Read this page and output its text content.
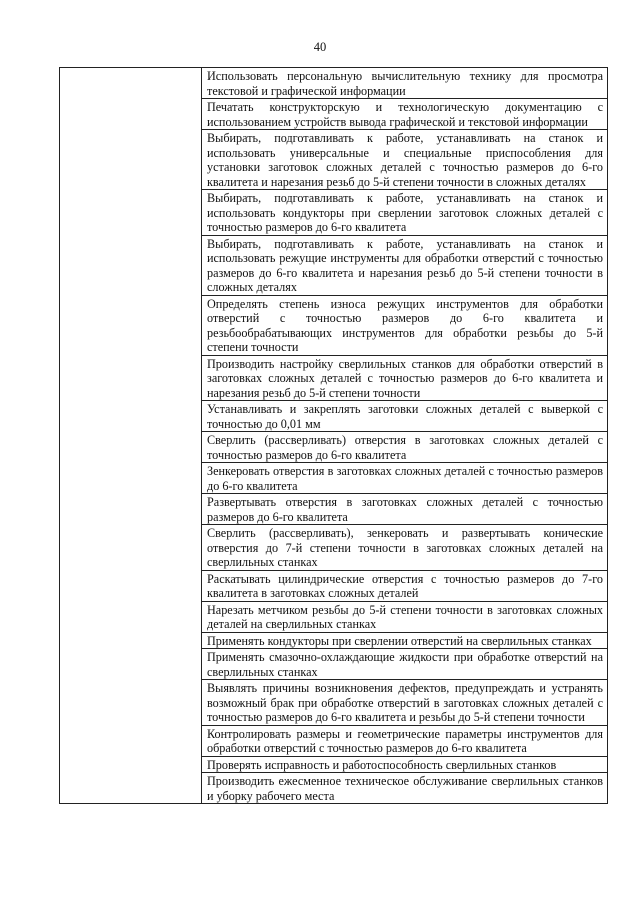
40

Использовать персональную вычислительную технику для просмотра текстовой и графической информации
Печатать конструкторскую и технологическую документацию с использованием устройств вывода графической и текстовой информации
Выбирать, подготавливать к работе, устанавливать на станок и использовать универсальные и специальные приспособления для установки заготовок сложных деталей с точностью размеров до 6-го квалитета и нарезания резьб до 5-й степени точности в сложных деталях
Выбирать, подготавливать к работе, устанавливать на станок и использовать кондукторы при сверлении заготовок сложных деталей с точностью размеров до 6-го квалитета
Выбирать, подготавливать к работе, устанавливать на станок и использовать режущие инструменты для обработки отверстий с точностью размеров до 6-го квалитета и нарезания резьб до 5-й степени точности в сложных деталях
Определять степень износа режущих инструментов для обработки отверстий с точностью размеров до 6-го квалитета и резьбообрабатывающих инструментов для обработки резьбы до 5-й степени точности
Производить настройку сверлильных станков для обработки отверстий в заготовках сложных деталей с точностью размеров до 6-го квалитета и нарезания резьб до 5-й степени точности
Устанавливать и закреплять заготовки сложных деталей с выверкой с точностью до 0,01 мм
Сверлить (рассверливать) отверстия в заготовках сложных деталей с точностью размеров до 6-го квалитета
Зенкеровать отверстия в заготовках сложных деталей с точностью размеров до 6-го квалитета
Развертывать отверстия в заготовках сложных деталей с точностью размеров до 6-го квалитета
Сверлить (рассверливать), зенкеровать и развертывать конические отверстия до 7-й степени точности в заготовках сложных деталей на сверлильных станках
Раскатывать цилиндрические отверстия с точностью размеров до 7-го квалитета в заготовках сложных деталей
Нарезать метчиком резьбы до 5-й степени точности в заготовках сложных деталей на сверлильных станках
Применять кондукторы при сверлении отверстий на сверлильных станках
Применять смазочно-охлаждающие жидкости при обработке отверстий на сверлильных станках
Выявлять причины возникновения дефектов, предупреждать и устранять возможный брак при обработке отверстий в заготовках сложных деталей с точностью размеров до 6-го квалитета и резьбы до 5-й степени точности
Контролировать размеры и геометрические параметры инструментов для обработки отверстий с точностью размеров до 6-го квалитета
Проверять исправность и работоспособность сверлильных станков
Производить ежесменное техническое обслуживание сверлильных станков и уборку рабочего места
